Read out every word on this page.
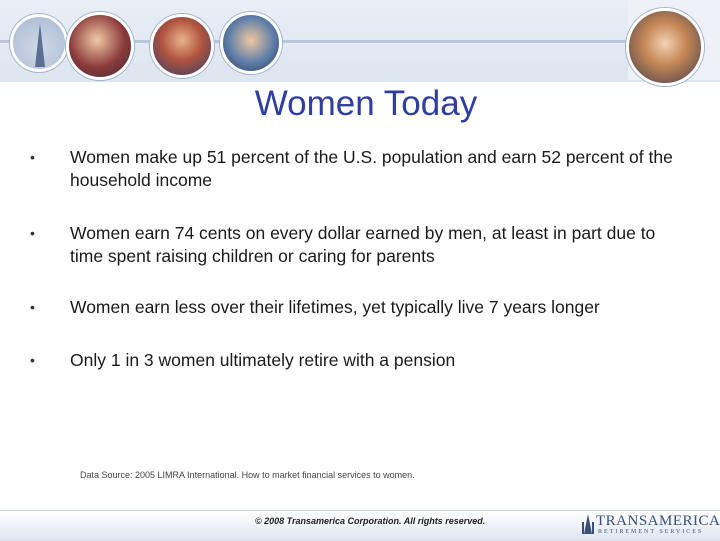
Women Today
•	Women make up 51 percent of the U.S. population and earn 52 percent of the household income
•	Women earn 74 cents on every dollar earned by men, at least in part due to time spent raising children or caring for parents
•	Women earn less over their lifetimes, yet typically live 7 years longer
•	Only 1 in 3 women ultimately retire with a pension
Data Source: 2005 LIMRA International. How to market financial services to women.
© 2008 Transamerica Corporation. All rights reserved.	TRANSAMERICA
RETIREMENT SERVICES
